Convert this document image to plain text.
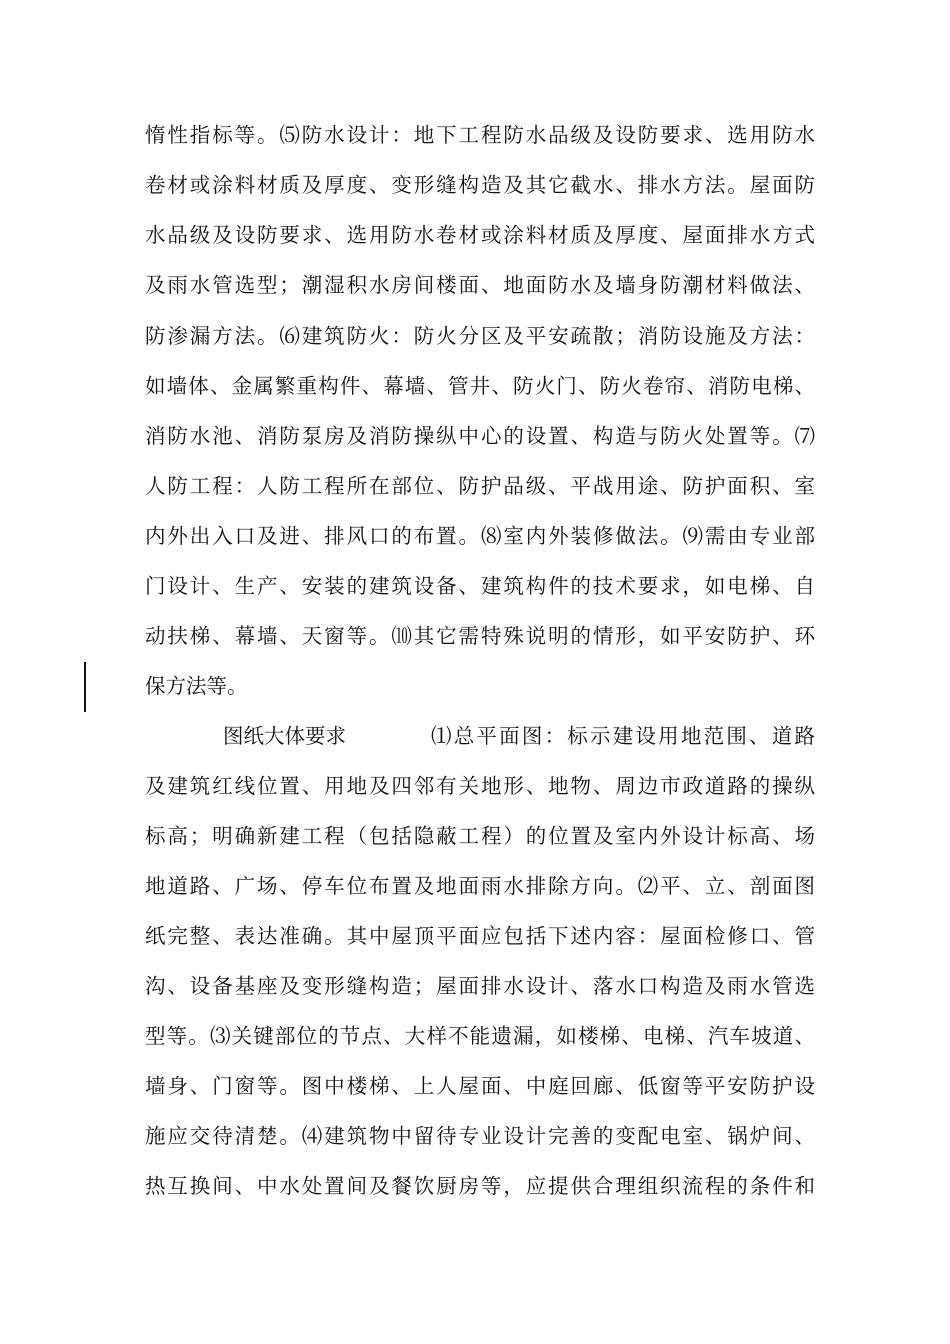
惰性指标等。⑸防水设计：地下工程防水品级及设防要求、选用防水
卷材或涂料材质及厚度、变形缝构造及其它截水、排水方法。屋面防
水品级及设防要求、选用防水卷材或涂料材质及厚度、屋面排水方式
及雨水管选型；潮湿积水房间楼面、地面防水及墙身防潮材料做法、
防渗漏方法。⑹建筑防火：防火分区及平安疏散；消防设施及方法：
如墙体、金属繁重构件、幕墙、管井、防火门、防火卷帘、消防电梯、
消防水池、消防泵房及消防操纵中心的设置、构造与防火处置等。⑺
人防工程：人防工程所在部位、防护品级、平战用途、防护面积、室
内外出入口及进、排风口的布置。⑻室内外装修做法。⑼需由专业部
门设计、生产、安装的建筑设备、建筑构件的技术要求，如电梯、自
动扶梯、幕墙、天窗等。⑽其它需特殊说明的情形，如平安防护、环
保方法等。
图纸大体要求	⑴总平面图：标示建设用地范围、道路
及建筑红线位置、用地及四邻有关地形、地物、周边市政道路的操纵
标高；明确新建工程（包括隐蔽工程）的位置及室内外设计标高、场
地道路、广场、停车位布置及地面雨水排除方向。⑵平、立、剖面图
纸完整、表达准确。其中屋顶平面应包括下述内容：屋面检修口、管
沟、设备基座及变形缝构造；屋面排水设计、落水口构造及雨水管选
型等。⑶关键部位的节点、大样不能遗漏，如楼梯、电梯、汽车坡道、
墙身、门窗等。图中楼梯、上人屋面、中庭回廊、低窗等平安防护设
施应交待清楚。⑷建筑物中留待专业设计完善的变配电室、锅炉间、
热互换间、中水处置间及餐饮厨房等，应提供合理组织流程的条件和
